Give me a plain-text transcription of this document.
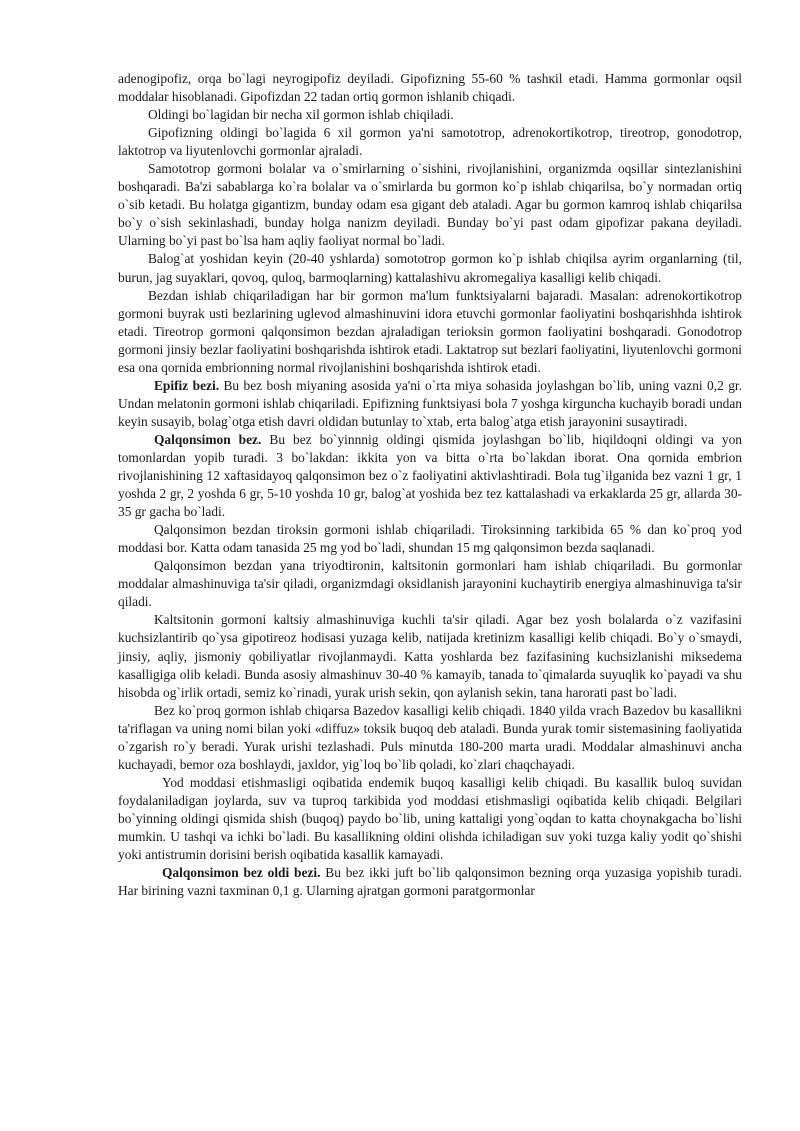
adenogipofiz, orqa bo`lagi neyrogipofiz deyiladi. Gipofizning 55-60 % tashкil etadi. Hamma gormonlar oqsil moddalar hisoblanadi. Gipofizdan 22 tadan ortiq gormon ishlanib chiqadi.

Oldingi bo`lagidan bir necha xil gormon ishlab chiqiladi.

Gipofizning oldingi bo`lagida 6 xil gormon ya'ni samototrop, adrenokortikotrop, tireotrop, gonodotrop, laktotrop va liyutenlovchi gormonlar ajraladi.

Samototrop gormoni bolalar va o`smirlarning o`sishini, rivojlanishini, organizmda oqsillar sintezlanishini boshqaradi. Ba'zi sabablarga ko`ra bolalar va o`smirlarda bu gormon ko`p ishlab chiqarilsa, bo`y normadan ortiq o`sib ketadi. Bu holatga gigantizm, bunday odam esa gigant deb ataladi. Agar bu gormon kamroq ishlab chiqarilsa bo`y o`sish sekinlashadi, bunday holga nanizm deyiladi. Bunday bo`yi past odam gipofizar pakana deyiladi. Ularning bo`yi past bo`lsa ham aqliy faoliyat normal bo`ladi.

Balog`at yoshidan keyin (20-40 yshlarda) somototrop gormon ko`p ishlab chiqilsa ayrim organlarning (til, burun, jag suyaklari, qovoq, quloq, barmoqlarning) kattalashivu akromegaliya kasalligi kelib chiqadi.

Bezdan ishlab chiqariladigan har bir gormon ma'lum funktsiyalarni bajaradi. Masalan: adrenokortikotrop gormoni buyrak usti bezlarining uglevod almashinuvini idora etuvchi gormonlar faoliyatini boshqarishhda ishtirok etadi. Tireotrop gormoni qalqonsimon bezdan ajraladigan terioksin gormon faoliyatini boshqaradi. Gonodotrop gormoni jinsiy bezlar faoliyatini boshqarishda ishtirok etadi. Laktatrop sut bezlari faoliyatini, liyutenlovchi gormoni esa ona qornida embrionning normal rivojlanishini boshqarishda ishtirok etadi.

Epifiz bezi. Bu bez bosh miyaning asosida ya'ni o`rta miya sohasida joylashgan bo`lib, uning vazni 0,2 gr. Undan melatonin gormoni ishlab chiqariladi. Epifizning funktsiyasi bola 7 yoshga kirguncha kuchayib boradi undan keyin susayib, bolag`otga etish davri oldidan butunlay to`xtab, erta balog`atga etish jarayonini susaytiradi.

Qalqonsimon bez. Bu bez bo`yinnnig oldingi qismida joylashgan bo`lib, hiqildoqni oldingi va yon tomonlardan yopib turadi. 3 bo`lakdan: ikkita yon va bitta o`rta bo`lakdan iborat. Ona qornida embrion rivojlanishining 12 xaftasidayoq qalqonsimon bez o`z faoliyatini aktivlashtiradi. Bola tug`ilganida bez vazni 1 gr, 1 yoshda 2 gr, 2 yoshda 6 gr, 5-10 yoshda 10 gr, balog`at yoshida bez tez kattalashadi va erkaklarda 25 gr, allarda 30-35 gr gacha bo`ladi.

Qalqonsimon bezdan tiroksin gormoni ishlab chiqariladi. Tiroksinning tarkibida 65 % dan ko`proq yod moddasi bor. Katta odam tanasida 25 mg yod bo`ladi, shundan 15 mg qalqonsimon bezda saqlanadi.

Qalqonsimon bezdan yana triyodtironin, kaltsitonin gormonlari ham ishlab chiqariladi. Bu gormonlar moddalar almashinuviga ta'sir qiladi, organizmdagi oksidlanish jarayonini kuchaytirib energiya almashinuviga ta'sir qiladi.

Kaltsitonin gormoni kaltsiy almashinuviga kuchli ta'sir qiladi. Agar bez yosh bolalarda o`z vazifasini kuchsizlantirib qo`ysa gipotireoz hodisasi yuzaga kelib, natijada kretinizm kasalligi kelib chiqadi. Bo`y o`smaydi, jinsiy, aqliy, jismoniy qobiliyatlar rivojlanmaydi. Katta yoshlarda bez fazifasining kuchsizlanishi miksedema kasalligiga olib keladi. Bunda asosiy almashinuv 30-40 % kamayib, tanada to`qimalarda suyuqlik ko`payadi va shu hisobda og`irlik ortadi, semiz ko`rinadi, yurak urish sekin, qon aylanish sekin, tana harorati past bo`ladi.

Bez ko`proq gormon ishlab chiqarsa Bazedov kasalligi kelib chiqadi. 1840 yilda vrach Bazedov bu kasallikni ta'riflagan va uning nomi bilan yoki «diffuz» toksik buqoq deb ataladi. Bunda yurak tomir sistemasining faoliyatida o`zgarish ro`y beradi. Yurak urishi tezlashadi. Puls minutda 180-200 marta uradi. Moddalar almashinuvi ancha kuchayadi, bemor oza boshlaydi, jaxldor, yig`loq bo`lib qoladi, ko`zlari chaqchayadi.

Yod moddasi etishmasligi oqibatida endemik buqoq kasalligi kelib chiqadi. Bu kasallik buloq suvidan foydalaniladigan joylarda, suv va tuproq tarkibida yod moddasi etishmasligi oqibatida kelib chiqadi. Belgilari bo`yinning oldingi qismida shish (buqoq) paydo bo`lib, uning kattaligi yong`oqdan to katta choynakgacha bo`lishi mumkin. U tashqi va ichki bo`ladi. Bu kasallikning oldini olishda ichiladigan suv yoki tuzga kaliy yodit qo`shishi yoki antistrumin dorisini berish oqibatida kasallik kamayadi.

Qalqonsimon bez oldi bezi. Bu bez ikki juft bo`lib qalqonsimon bezning orqa yuzasiga yopishib turadi. Har birining vazni taxminan 0,1 g. Ularning ajratgan gormoni paratgormonlar
